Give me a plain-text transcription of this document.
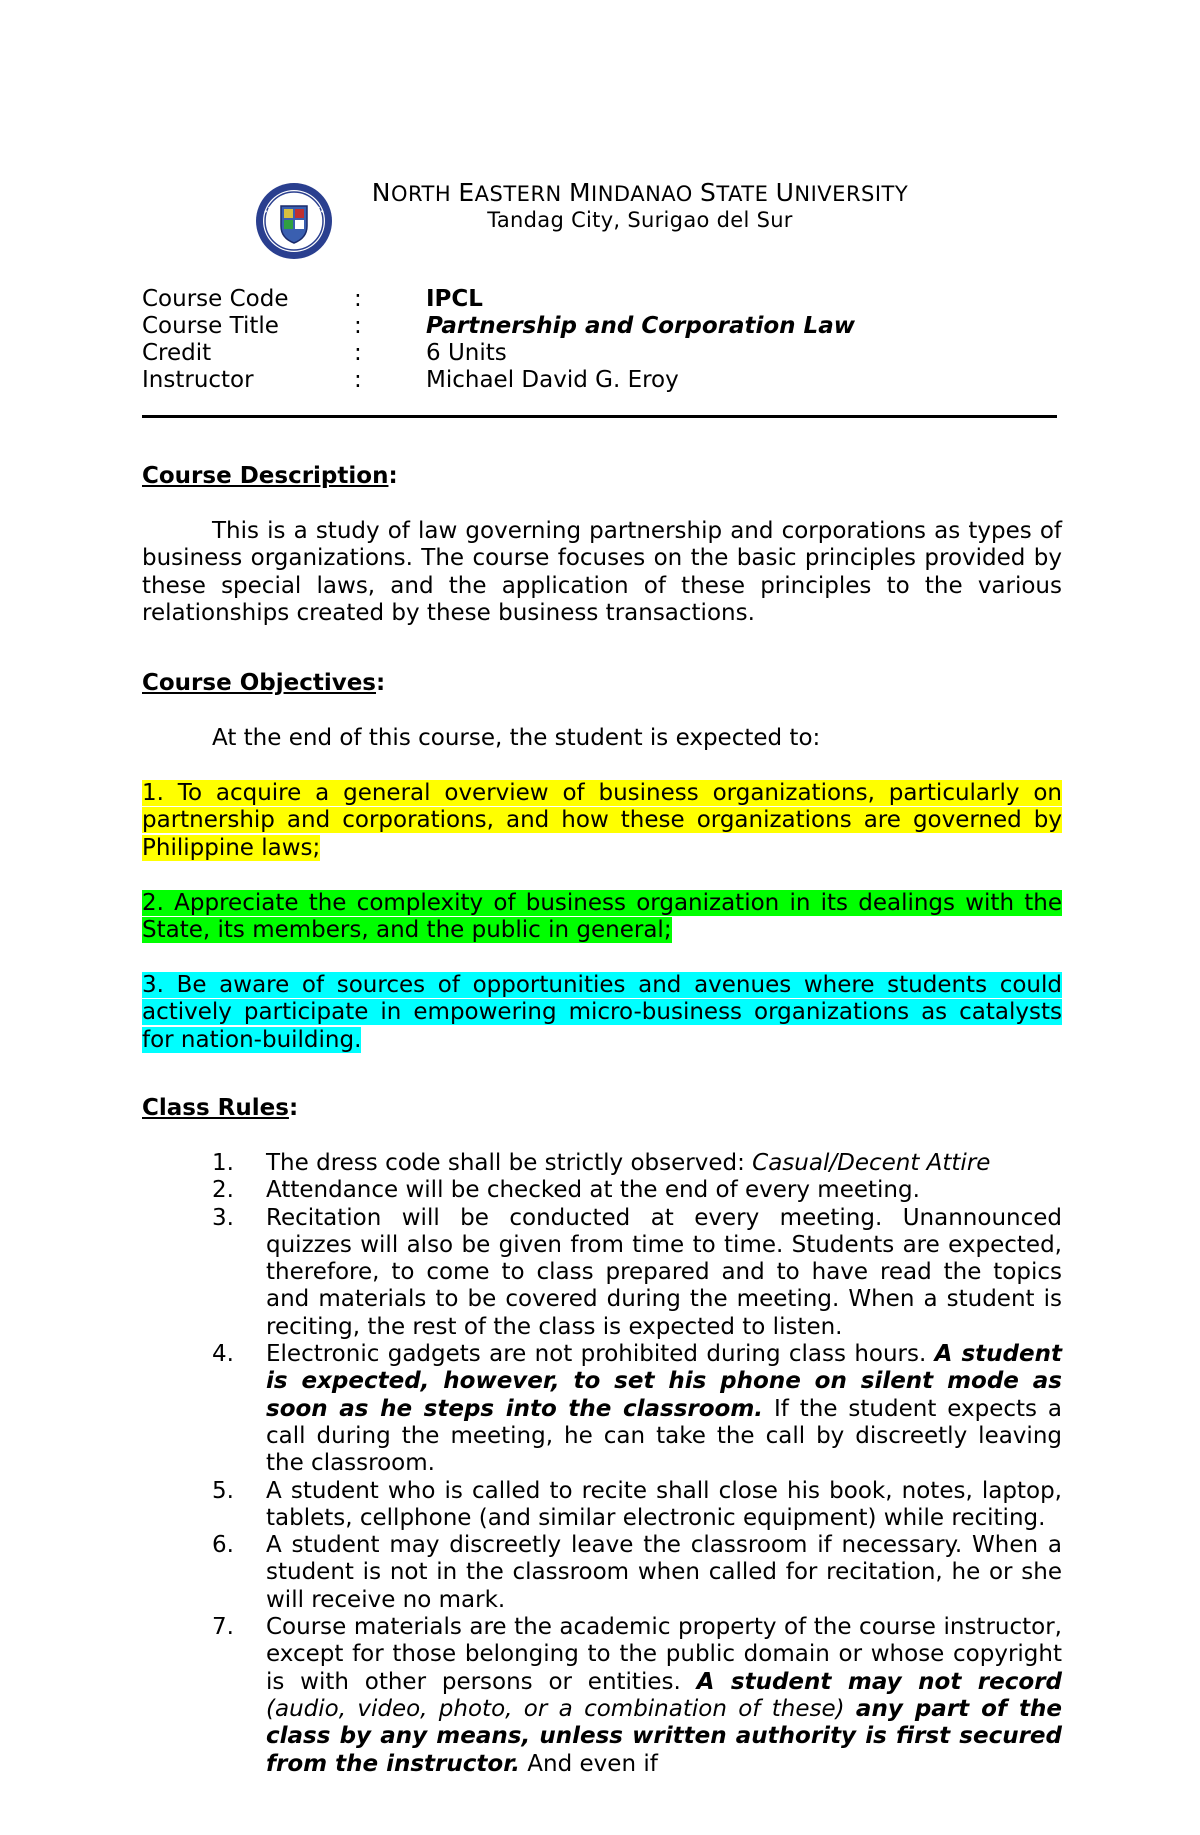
NORTH EASTERN MINDANAO STATE UNIVERSITY
Tandag City, Surigao del Sur
Course Code	:	IPCL
Course Title	:	Partnership and Corporation Law
Credit	:	6 Units
Instructor	:	Michael David G. Eroy
Course Description:
This is a study of law governing partnership and corporations as types of business organizations. The course focuses on the basic principles provided by these special laws, and the application of these principles to the various relationships created by these business transactions.
Course Objectives:
At the end of this course, the student is expected to:
1. To acquire a general overview of business organizations, particularly on partnership and corporations, and how these organizations are governed by Philippine laws;
2. Appreciate the complexity of business organization in its dealings with the State, its members, and the public in general;
3. Be aware of sources of opportunities and avenues where students could actively participate in empowering micro-business organizations as catalysts for nation-building.
Class Rules:
1.	The dress code shall be strictly observed: Casual/Decent Attire
2.	Attendance will be checked at the end of every meeting.
3.	Recitation will be conducted at every meeting. Unannounced quizzes will also be given from time to time. Students are expected, therefore, to come to class prepared and to have read the topics and materials to be covered during the meeting. When a student is reciting, the rest of the class is expected to listen.
4.	Electronic gadgets are not prohibited during class hours. A student is expected, however, to set his phone on silent mode as soon as he steps into the classroom. If the student expects a call during the meeting, he can take the call by discreetly leaving the classroom.
5.	A student who is called to recite shall close his book, notes, laptop, tablets, cellphone (and similar electronic equipment) while reciting.
6.	A student may discreetly leave the classroom if necessary. When a student is not in the classroom when called for recitation, he or she will receive no mark.
7.	Course materials are the academic property of the course instructor, except for those belonging to the public domain or whose copyright is with other persons or entities. A student may not record (audio, video, photo, or a combination of these) any part of the class by any means, unless written authority is first secured from the instructor. And even if
